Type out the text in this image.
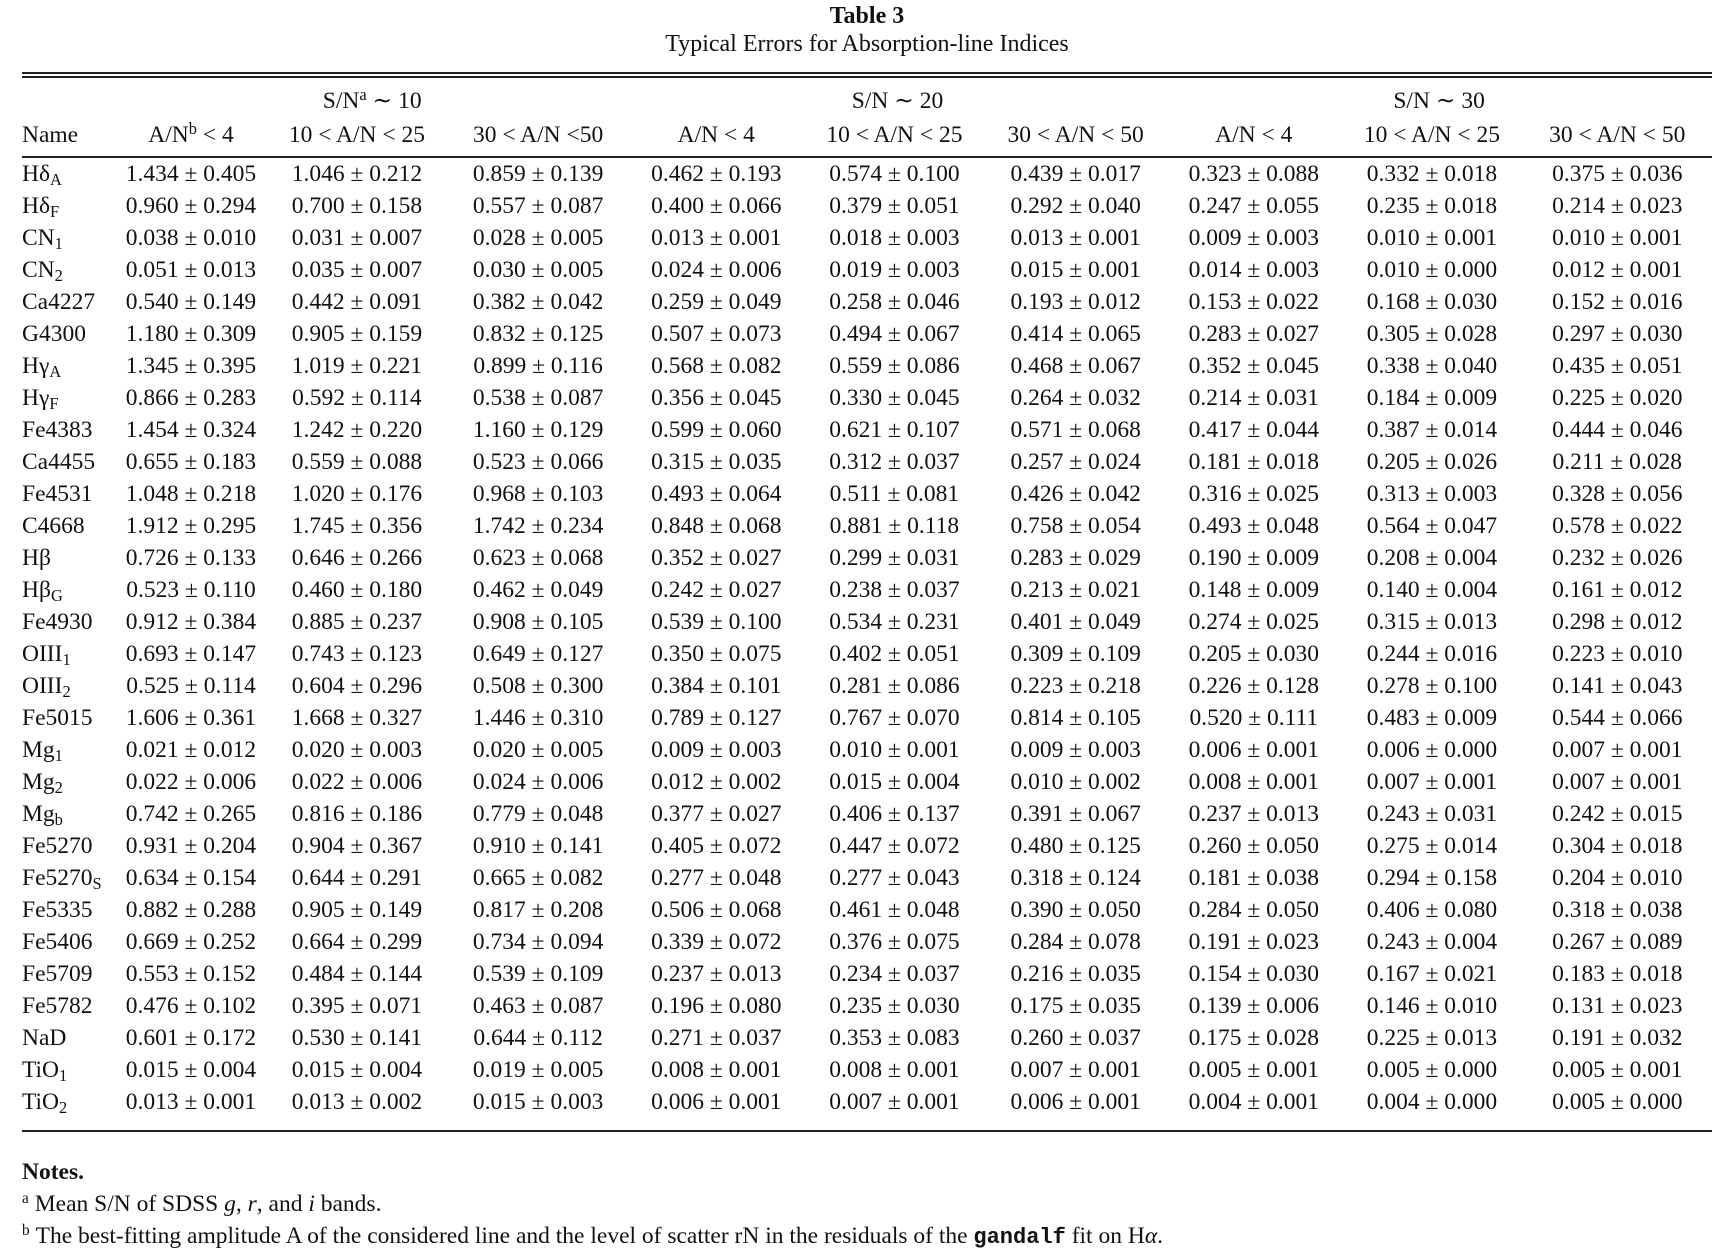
Table 3
Typical Errors for Absorption-line Indices
	$S/N^a$ ∼ 10			S/N ∼ 20			S/N ∼ 30		
Name	$A/N^b < 4$	10 < A/N < 25	30 < A/N <50	A/N < 4	10 < A/N < 25	30 < A/N < 50	A/N < 4	10 < A/N < 25	30 < A/N < 50
$H\delta_A$	1.434 ± 0.405	1.046 ± 0.212	0.859 ± 0.139	0.462 ± 0.193	0.574 ± 0.100	0.439 ± 0.017	0.323 ± 0.088	0.332 ± 0.018	0.375 ± 0.036
$H\delta_F$	0.960 ± 0.294	0.700 ± 0.158	0.557 ± 0.087	0.400 ± 0.066	0.379 ± 0.051	0.292 ± 0.040	0.247 ± 0.055	0.235 ± 0.018	0.214 ± 0.023
$CN_1$	0.038 ± 0.010	0.031 ± 0.007	0.028 ± 0.005	0.013 ± 0.001	0.018 ± 0.003	0.013 ± 0.001	0.009 ± 0.003	0.010 ± 0.001	0.010 ± 0.001
$CN_2$	0.051 ± 0.013	0.035 ± 0.007	0.030 ± 0.005	0.024 ± 0.006	0.019 ± 0.003	0.015 ± 0.001	0.014 ± 0.003	0.010 ± 0.000	0.012 ± 0.001
Ca4227	0.540 ± 0.149	0.442 ± 0.091	0.382 ± 0.042	0.259 ± 0.049	0.258 ± 0.046	0.193 ± 0.012	0.153 ± 0.022	0.168 ± 0.030	0.152 ± 0.016
G4300	1.180 ± 0.309	0.905 ± 0.159	0.832 ± 0.125	0.507 ± 0.073	0.494 ± 0.067	0.414 ± 0.065	0.283 ± 0.027	0.305 ± 0.028	0.297 ± 0.030
$H\gamma_A$	1.345 ± 0.395	1.019 ± 0.221	0.899 ± 0.116	0.568 ± 0.082	0.559 ± 0.086	0.468 ± 0.067	0.352 ± 0.045	0.338 ± 0.040	0.435 ± 0.051
$H\gamma_F$	0.866 ± 0.283	0.592 ± 0.114	0.538 ± 0.087	0.356 ± 0.045	0.330 ± 0.045	0.264 ± 0.032	0.214 ± 0.031	0.184 ± 0.009	0.225 ± 0.020
Fe4383	1.454 ± 0.324	1.242 ± 0.220	1.160 ± 0.129	0.599 ± 0.060	0.621 ± 0.107	0.571 ± 0.068	0.417 ± 0.044	0.387 ± 0.014	0.444 ± 0.046
Ca4455	0.655 ± 0.183	0.559 ± 0.088	0.523 ± 0.066	0.315 ± 0.035	0.312 ± 0.037	0.257 ± 0.024	0.181 ± 0.018	0.205 ± 0.026	0.211 ± 0.028
Fe4531	1.048 ± 0.218	1.020 ± 0.176	0.968 ± 0.103	0.493 ± 0.064	0.511 ± 0.081	0.426 ± 0.042	0.316 ± 0.025	0.313 ± 0.003	0.328 ± 0.056
C4668	1.912 ± 0.295	1.745 ± 0.356	1.742 ± 0.234	0.848 ± 0.068	0.881 ± 0.118	0.758 ± 0.054	0.493 ± 0.048	0.564 ± 0.047	0.578 ± 0.022
Hβ	0.726 ± 0.133	0.646 ± 0.266	0.623 ± 0.068	0.352 ± 0.027	0.299 ± 0.031	0.283 ± 0.029	0.190 ± 0.009	0.208 ± 0.004	0.232 ± 0.026
$H\beta_G$	0.523 ± 0.110	0.460 ± 0.180	0.462 ± 0.049	0.242 ± 0.027	0.238 ± 0.037	0.213 ± 0.021	0.148 ± 0.009	0.140 ± 0.004	0.161 ± 0.012
Fe4930	0.912 ± 0.384	0.885 ± 0.237	0.908 ± 0.105	0.539 ± 0.100	0.534 ± 0.231	0.401 ± 0.049	0.274 ± 0.025	0.315 ± 0.013	0.298 ± 0.012
$OIII_1$	0.693 ± 0.147	0.743 ± 0.123	0.649 ± 0.127	0.350 ± 0.075	0.402 ± 0.051	0.309 ± 0.109	0.205 ± 0.030	0.244 ± 0.016	0.223 ± 0.010
$OIII_2$	0.525 ± 0.114	0.604 ± 0.296	0.508 ± 0.300	0.384 ± 0.101	0.281 ± 0.086	0.223 ± 0.218	0.226 ± 0.128	0.278 ± 0.100	0.141 ± 0.043
Fe5015	1.606 ± 0.361	1.668 ± 0.327	1.446 ± 0.310	0.789 ± 0.127	0.767 ± 0.070	0.814 ± 0.105	0.520 ± 0.111	0.483 ± 0.009	0.544 ± 0.066
$Mg_1$	0.021 ± 0.012	0.020 ± 0.003	0.020 ± 0.005	0.009 ± 0.003	0.010 ± 0.001	0.009 ± 0.003	0.006 ± 0.001	0.006 ± 0.000	0.007 ± 0.001
$Mg_2$	0.022 ± 0.006	0.022 ± 0.006	0.024 ± 0.006	0.012 ± 0.002	0.015 ± 0.004	0.010 ± 0.002	0.008 ± 0.001	0.007 ± 0.001	0.007 ± 0.001
$Mg_b$	0.742 ± 0.265	0.816 ± 0.186	0.779 ± 0.048	0.377 ± 0.027	0.406 ± 0.137	0.391 ± 0.067	0.237 ± 0.013	0.243 ± 0.031	0.242 ± 0.015
Fe5270	0.931 ± 0.204	0.904 ± 0.367	0.910 ± 0.141	0.405 ± 0.072	0.447 ± 0.072	0.480 ± 0.125	0.260 ± 0.050	0.275 ± 0.014	0.304 ± 0.018
$Fe5270_S$	0.634 ± 0.154	0.644 ± 0.291	0.665 ± 0.082	0.277 ± 0.048	0.277 ± 0.043	0.318 ± 0.124	0.181 ± 0.038	0.294 ± 0.158	0.204 ± 0.010
Fe5335	0.882 ± 0.288	0.905 ± 0.149	0.817 ± 0.208	0.506 ± 0.068	0.461 ± 0.048	0.390 ± 0.050	0.284 ± 0.050	0.406 ± 0.080	0.318 ± 0.038
Fe5406	0.669 ± 0.252	0.664 ± 0.299	0.734 ± 0.094	0.339 ± 0.072	0.376 ± 0.075	0.284 ± 0.078	0.191 ± 0.023	0.243 ± 0.004	0.267 ± 0.089
Fe5709	0.553 ± 0.152	0.484 ± 0.144	0.539 ± 0.109	0.237 ± 0.013	0.234 ± 0.037	0.216 ± 0.035	0.154 ± 0.030	0.167 ± 0.021	0.183 ± 0.018
Fe5782	0.476 ± 0.102	0.395 ± 0.071	0.463 ± 0.087	0.196 ± 0.080	0.235 ± 0.030	0.175 ± 0.035	0.139 ± 0.006	0.146 ± 0.010	0.131 ± 0.023
NaD	0.601 ± 0.172	0.530 ± 0.141	0.644 ± 0.112	0.271 ± 0.037	0.353 ± 0.083	0.260 ± 0.037	0.175 ± 0.028	0.225 ± 0.013	0.191 ± 0.032
TiO$_1$	0.015 ± 0.004	0.015 ± 0.004	0.019 ± 0.005	0.008 ± 0.001	0.008 ± 0.001	0.007 ± 0.001	0.005 ± 0.001	0.005 ± 0.000	0.005 ± 0.001
TiO$_2$	0.013 ± 0.001	0.013 ± 0.002	0.015 ± 0.003	0.006 ± 0.001	0.007 ± 0.001	0.006 ± 0.001	0.004 ± 0.001	0.004 ± 0.000	0.005 ± 0.000
Notes.
$^a$ Mean S/N of SDSS g, r, and i bands.
$^b$ The best-fitting amplitude A of the considered line and the level of scatter rN in the residuals of the gandalf fit on Hα.
